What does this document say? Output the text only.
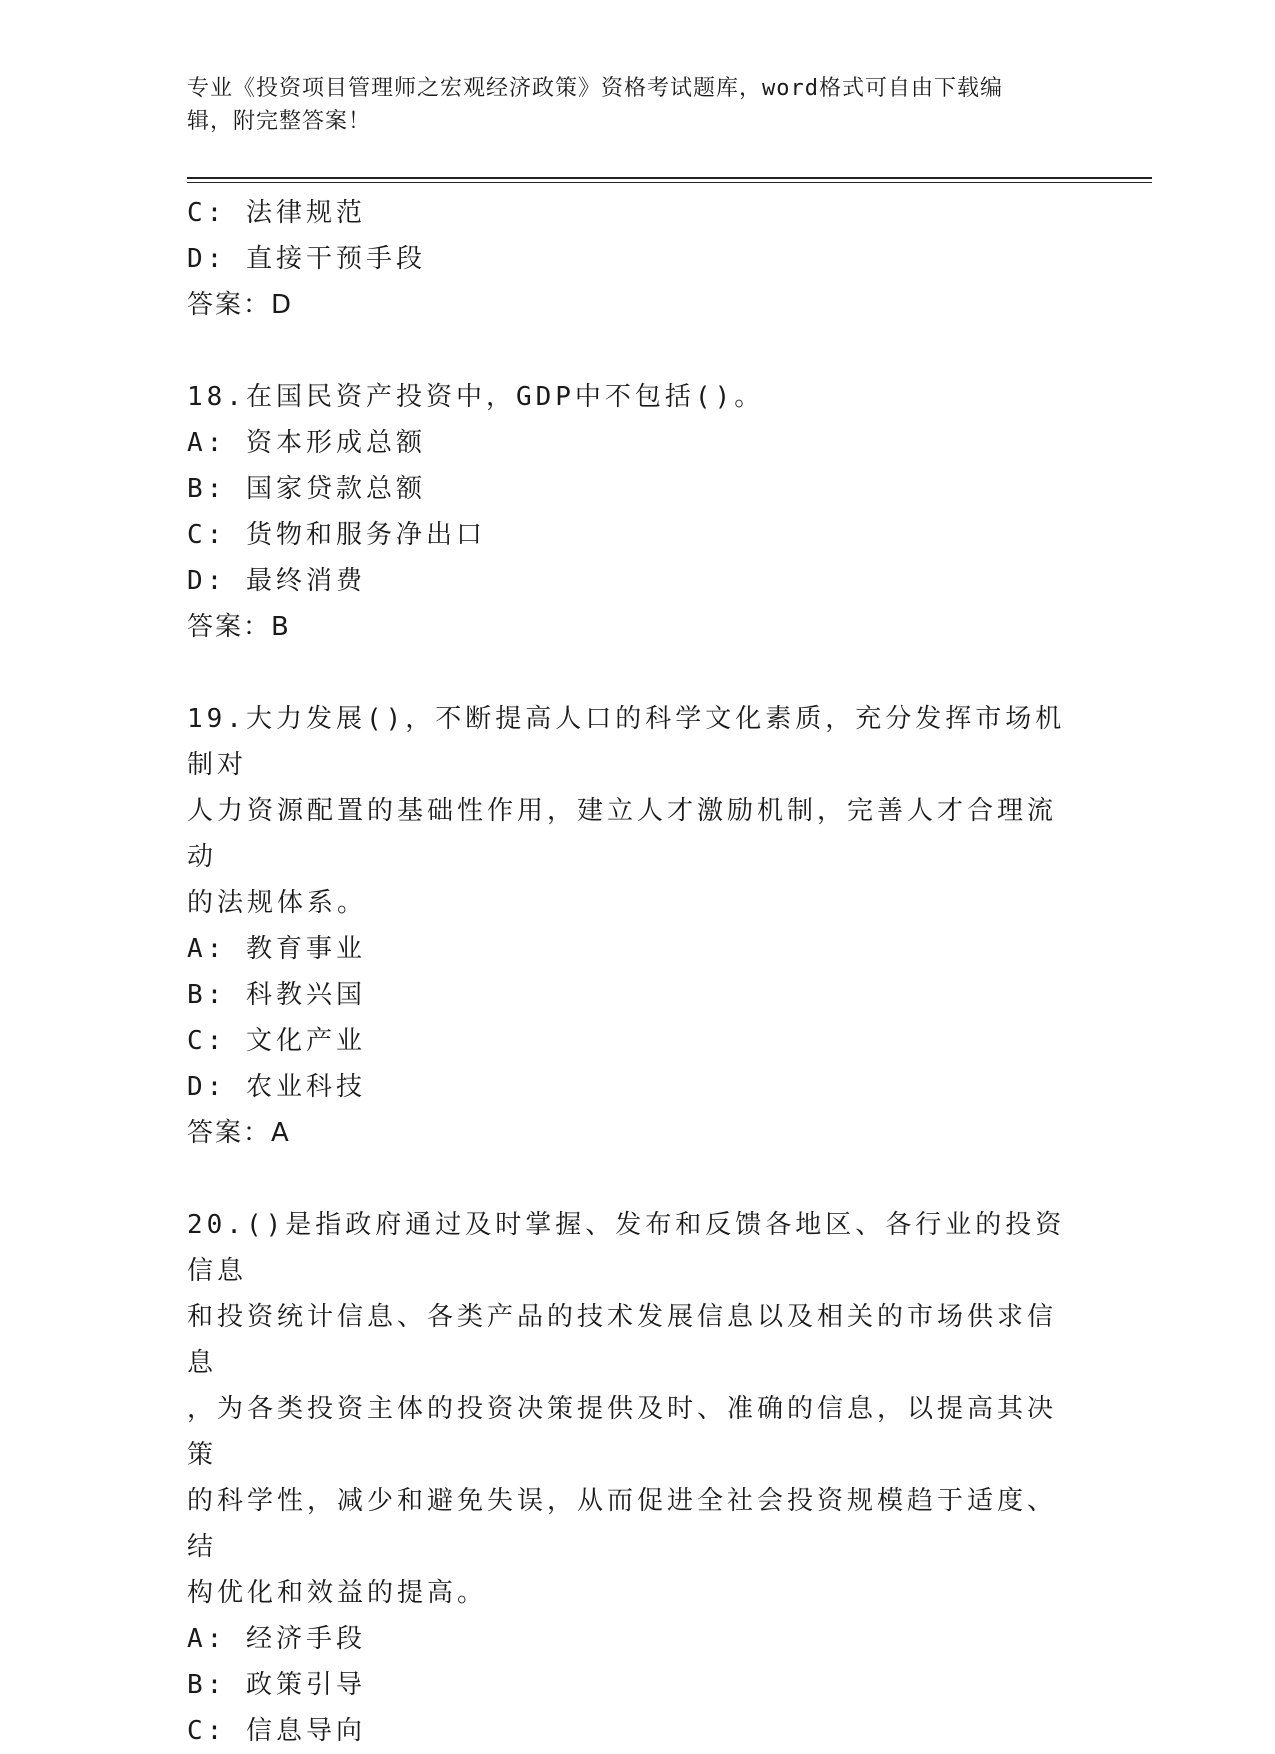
专业《投资项目管理师之宏观经济政策》资格考试题库，word格式可自由下载编
辑，附完整答案！
C: 法律规范
D: 直接干预手段
答案：D
18.在国民资产投资中，GDP中不包括()。
A: 资本形成总额
B: 国家贷款总额
C: 货物和服务净出口
D: 最终消费
答案：B
19.大力发展()，不断提高人口的科学文化素质，充分发挥市场机制对
人力资源配置的基础性作用，建立人才激励机制，完善人才合理流动
的法规体系。
A: 教育事业
B: 科教兴国
C: 文化产业
D: 农业科技
答案：A
20.()是指政府通过及时掌握、发布和反馈各地区、各行业的投资信息
和投资统计信息、各类产品的技术发展信息以及相关的市场供求信息
，为各类投资主体的投资决策提供及时、准确的信息，以提高其决策
的科学性，减少和避免失误，从而促进全社会投资规模趋于适度、结
构优化和效益的提高。
A: 经济手段
B: 政策引导
C: 信息导向
